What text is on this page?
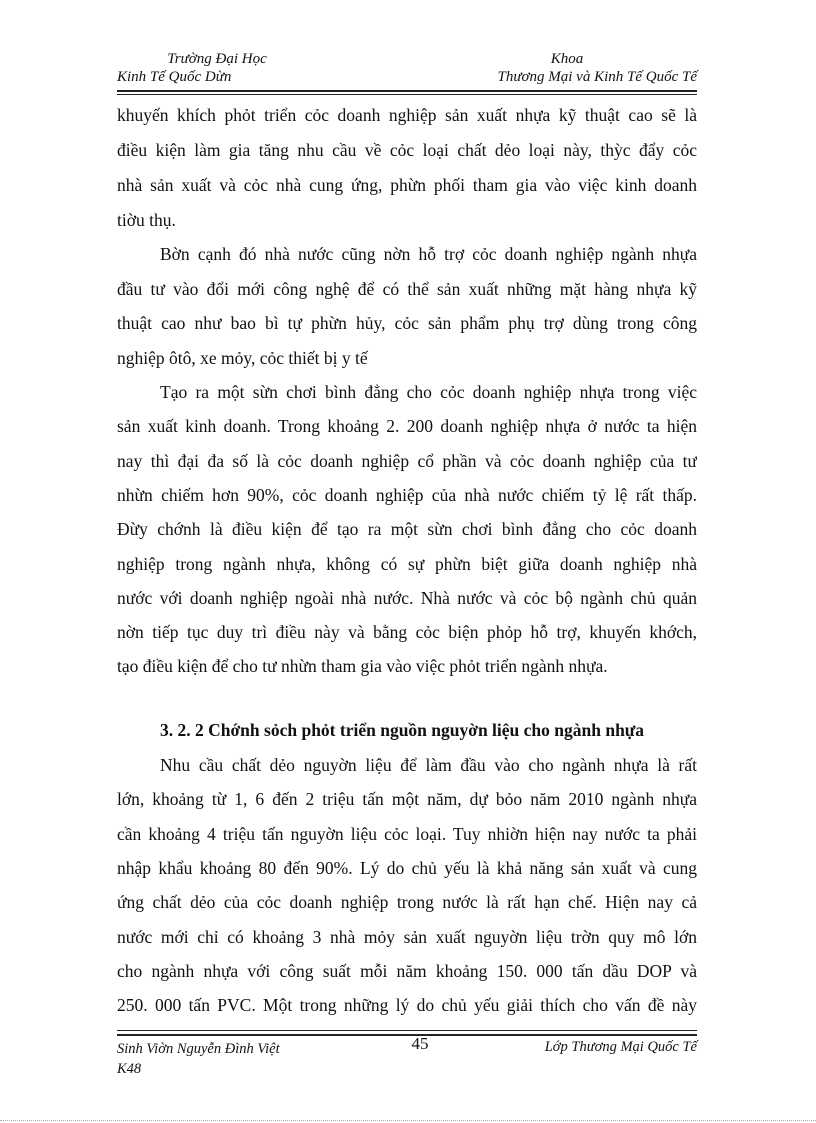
Trường Đại Học	Khoa
Kinh Tế Quốc Dừn	Thương Mại và Kinh Tế Quốc Tế
khuyến khích phỏt triển cỏc doanh nghiệp sản xuất nhựa kỹ thuật cao sẽ là
điều kiện làm gia tăng nhu cầu về cỏc loại chất dẻo loại này, thỳc đẩy cỏc
nhà sản xuất và cỏc nhà cung ứng, phừn phối tham gia vào việc kinh doanh
tiờu thụ.
Bờn cạnh đó nhà nước cũng nờn hỗ trợ cỏc doanh nghiệp ngành nhựa
đầu tư vào đổi mới công nghệ để có thể sản xuất những mặt hàng nhựa kỹ
thuật cao như bao bì tự phừn hủy, cỏc sản phẩm phụ trợ dùng trong công
nghiệp ôtô, xe mỏy, cỏc thiết bị y tế
Tạo ra một sừn chơi bình đẳng cho cỏc doanh nghiệp nhựa trong việc
sản xuất kinh doanh. Trong khoảng 2. 200 doanh nghiệp nhựa ở nước ta hiện
nay thì đại đa số là cỏc doanh nghiệp cổ phần và cỏc doanh nghiệp của tư
nhừn chiếm hơn 90%, cỏc doanh nghiệp của nhà nước chiếm tỷ lệ rất thấp.
Đừy chớnh là điều kiện để tạo ra một sừn chơi bình đẳng cho cỏc doanh
nghiệp trong ngành nhựa, không có sự phừn biệt giữa doanh nghiệp nhà
nước với doanh nghiệp ngoài nhà nước. Nhà nước và cỏc bộ ngành chủ quản
nờn tiếp tục duy trì điều này và bằng cỏc biện phỏp hỗ trợ, khuyến khớch,
tạo điều kiện để cho tư nhừn tham gia vào việc phỏt triển ngành nhựa.
3. 2. 2 Chớnh sỏch phỏt triển nguồn nguyờn liệu cho ngành nhựa
Nhu cầu chất dẻo nguyờn liệu để làm đầu vào cho ngành nhựa là rất
lớn, khoảng từ 1, 6 đến 2 triệu tấn một năm, dự bỏo năm 2010 ngành nhựa
cần khoảng 4 triệu tấn nguyờn liệu cỏc loại. Tuy nhiờn hiện nay nước ta phải
nhập khẩu khoảng 80 đến 90%. Lý do chủ yếu là khả năng sản xuất và cung
ứng chất dẻo của cỏc doanh nghiệp trong nước là rất hạn chế. Hiện nay cả
nước mới chỉ có khoảng 3 nhà mỏy sản xuất nguyờn liệu trờn quy mô lớn
cho ngành nhựa với công suất mỗi năm khoảng 150. 000 tấn dầu DOP và
250. 000 tấn PVC. Một trong những lý do chủ yếu giải thích cho vấn đề này
Sinh Viờn Nguyễn Đình Việt
K48
45	Lớp Thương Mại Quốc Tế
